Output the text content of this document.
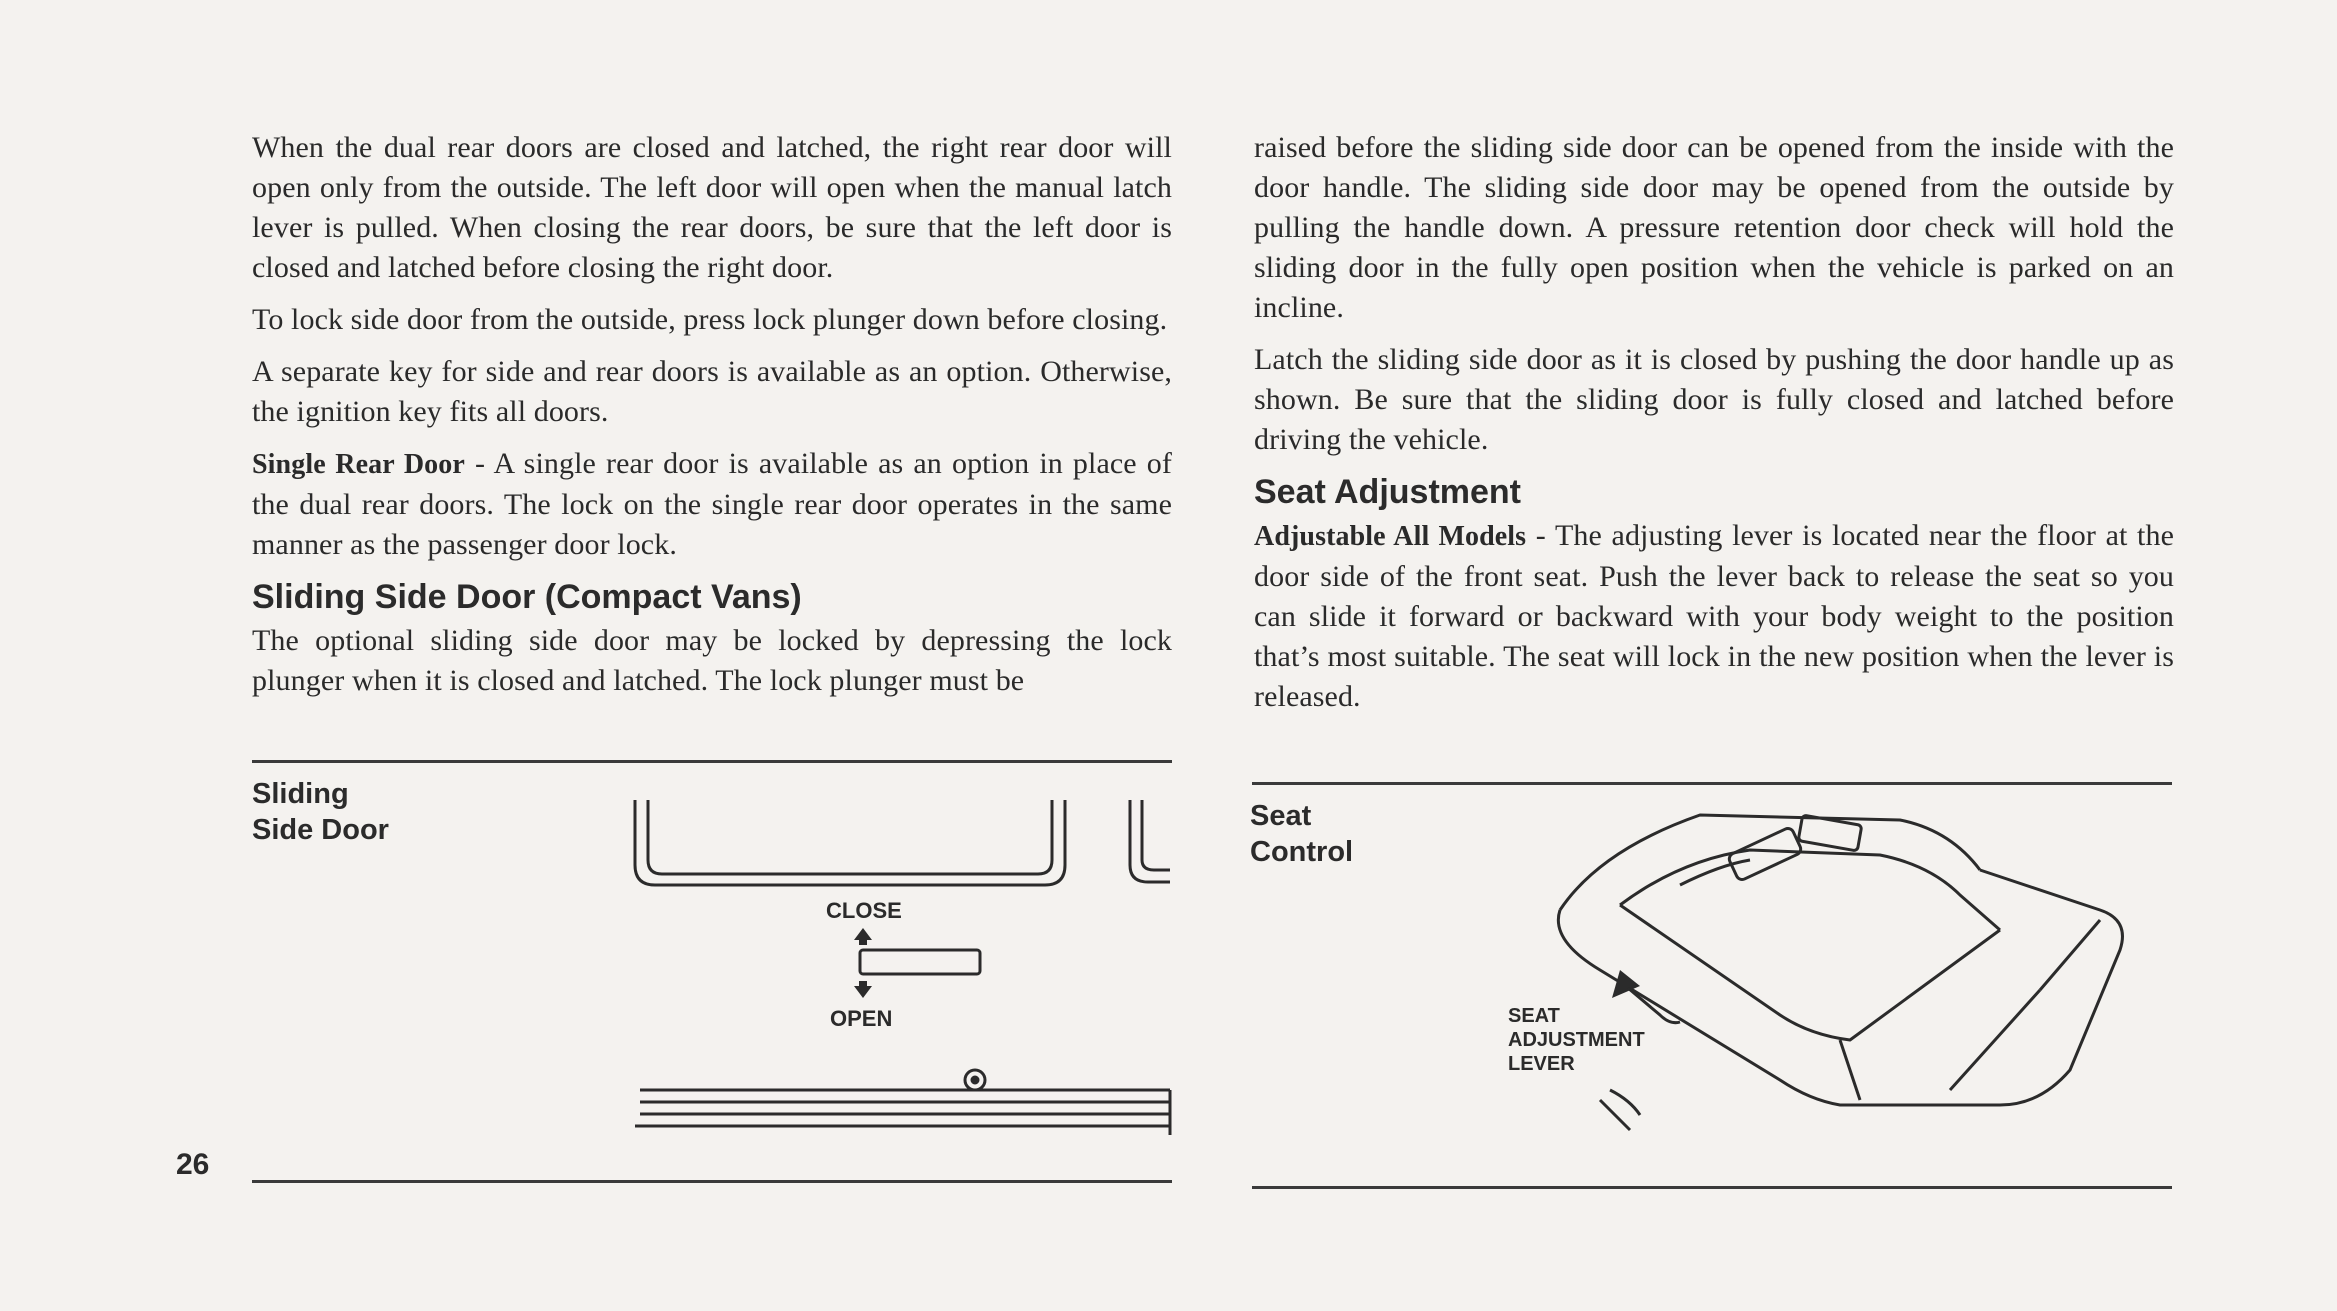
When the dual rear doors are closed and latched, the right rear door will open only from the outside. The left door will open when the manual latch lever is pulled. When closing the rear doors, be sure that the left door is closed and latched before closing the right door.

To lock side door from the outside, press lock plunger down before closing.

A separate key for side and rear doors is available as an option. Otherwise, the ignition key fits all doors.

Single Rear Door - A single rear door is available as an option in place of the dual rear doors. The lock on the single rear door operates in the same manner as the passenger door lock.

Sliding Side Door (Compact Vans)

The optional sliding side door may be locked by depressing the lock plunger when it is closed and latched. The lock plunger must be

raised before the sliding side door can be opened from the inside with the door handle. The sliding side door may be opened from the outside by pulling the handle down. A pressure retention door check will hold the sliding door in the fully open position when the vehicle is parked on an incline.

Latch the sliding side door as it is closed by pushing the door handle up as shown. Be sure that the sliding door is fully closed and latched before driving the vehicle.

Seat Adjustment

Adjustable All Models - The adjusting lever is located near the floor at the door side of the front seat. Push the lever back to release the seat so you can slide it forward or backward with your body weight to the position that’s most suitable. The seat will lock in the new position when the lever is released.

Sliding
Side Door
CLOSE
OPEN
Seat
Control
SEAT
ADJUSTMENT
LEVER
26
